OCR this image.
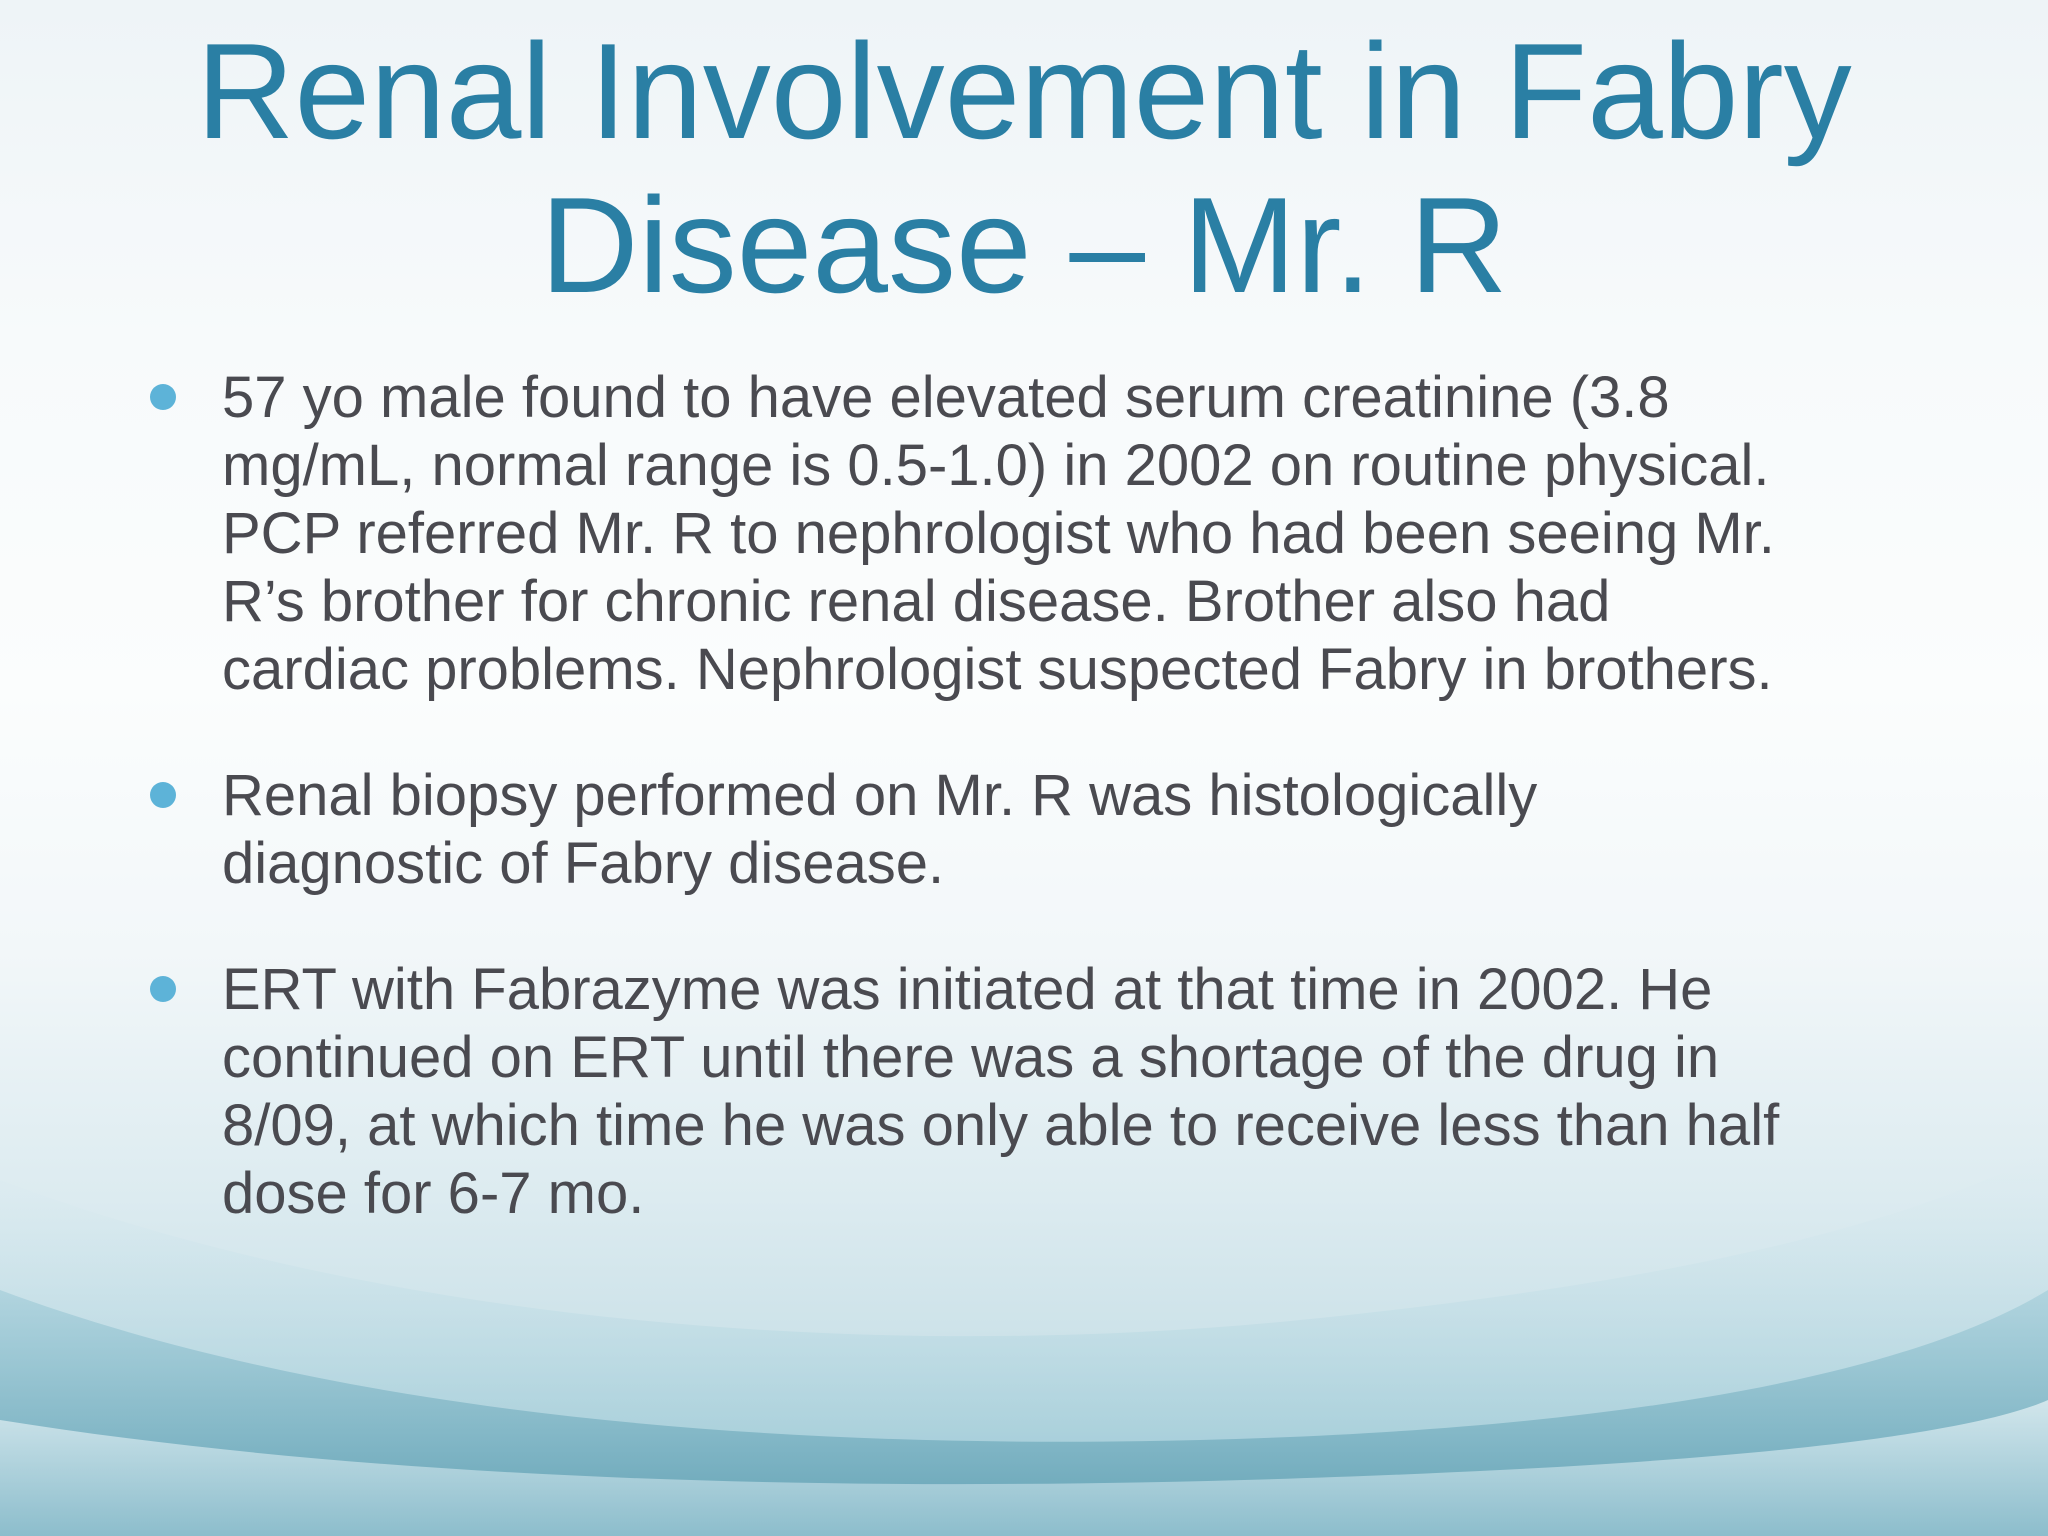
Renal Involvement in Fabry
Disease – Mr. R
57 yo male found to have elevated serum creatinine (3.8
mg/mL, normal range is 0.5-1.0) in 2002 on routine physical.
PCP referred Mr. R to nephrologist who had been seeing Mr.
R’s brother for chronic renal disease. Brother also had
cardiac problems. Nephrologist suspected Fabry in brothers.
Renal biopsy performed on Mr. R was histologically
diagnostic of Fabry disease.
ERT with Fabrazyme was initiated at that time in 2002. He
continued on ERT until there was a shortage of the drug in
8/09, at which time he was only able to receive less than half
dose for 6-7 mo.
